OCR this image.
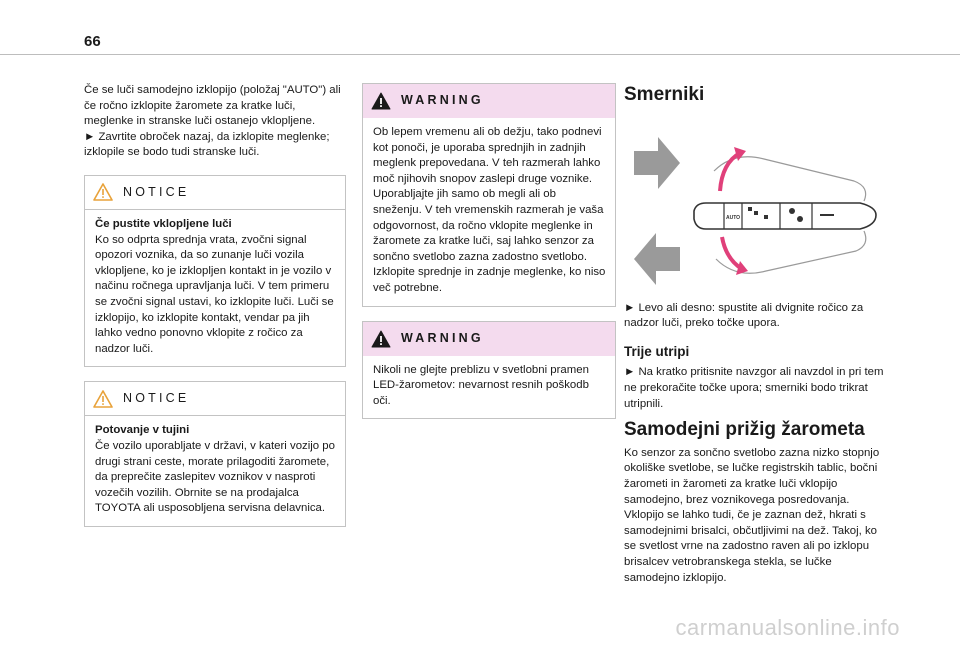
66

Če se luči samodejno izklopijo (položaj "AUTO") ali če ročno izklopite žaromete za kratke luči, meglenke in stranske luči ostanejo vklopljene.

► Zavrtite obroček nazaj, da izklopite meglenke; izklopile se bodo tudi stranske luči.

NOTICE

Če pustite vklopljene luči

Ko so odprta sprednja vrata, zvočni signal opozori voznika, da so zunanje luči vozila vklopljene, ko je izklopljen kontakt in je vozilo v načinu ročnega upravljanja luči. V tem primeru se zvočni signal ustavi, ko izklopite luči. Luči se izklopijo, ko izklopite kontakt, vendar pa jih lahko vedno ponovno vklopite z ročico za nadzor luči.

NOTICE

Potovanje v tujini

Če vozilo uporabljate v državi, v kateri vozijo po drugi strani ceste, morate prilagoditi žaromete, da preprečite zaslepitev voznikov v nasproti vozečih vozilih. Obrnite se na prodajalca TOYOTA ali usposobljena servisna delavnica.

WARNING

Ob lepem vremenu ali ob dežju, tako podnevi kot ponoči, je uporaba sprednjih in zadnjih meglenk prepovedana. V teh razmerah lahko moč njihovih snopov zaslepi druge voznike. Uporabljajte jih samo ob megli ali ob sneženju. V teh vremenskih razmerah je vaša odgovornost, da ročno vklopite meglenke in žaromete za kratke luči, saj lahko senzor za sončno svetlobo zazna zadostno svetlobo. Izklopite sprednje in zadnje meglenke, ko niso več potrebne.

WARNING

Nikoli ne glejte preblizu v svetlobni pramen LED-žarometov: nevarnost resnih poškodb oči.

Smerniki
AUTO

► Levo ali desno: spustite ali dvignite ročico za nadzor luči, preko točke upora.

Trije utripi

► Na kratko pritisnite navzgor ali navzdol in pri tem ne prekoračite točke upora; smerniki bodo trikrat utripnili.

Samodejni prižig žarometa

Ko senzor za sončno svetlobo zazna nizko stopnjo okoliške svetlobe, se lučke registrskih tablic, bočni žarometi in žarometi za kratke luči vklopijo samodejno, brez voznikovega posredovanja. Vklopijo se lahko tudi, če je zaznan dež, hkrati s samodejnimi brisalci, občutljivimi na dež. Takoj, ko se svetlost vrne na zadostno raven ali po izklopu brisalcev vetrobranskega stekla, se lučke samodejno izklopijo.

carmanualsonline.info
